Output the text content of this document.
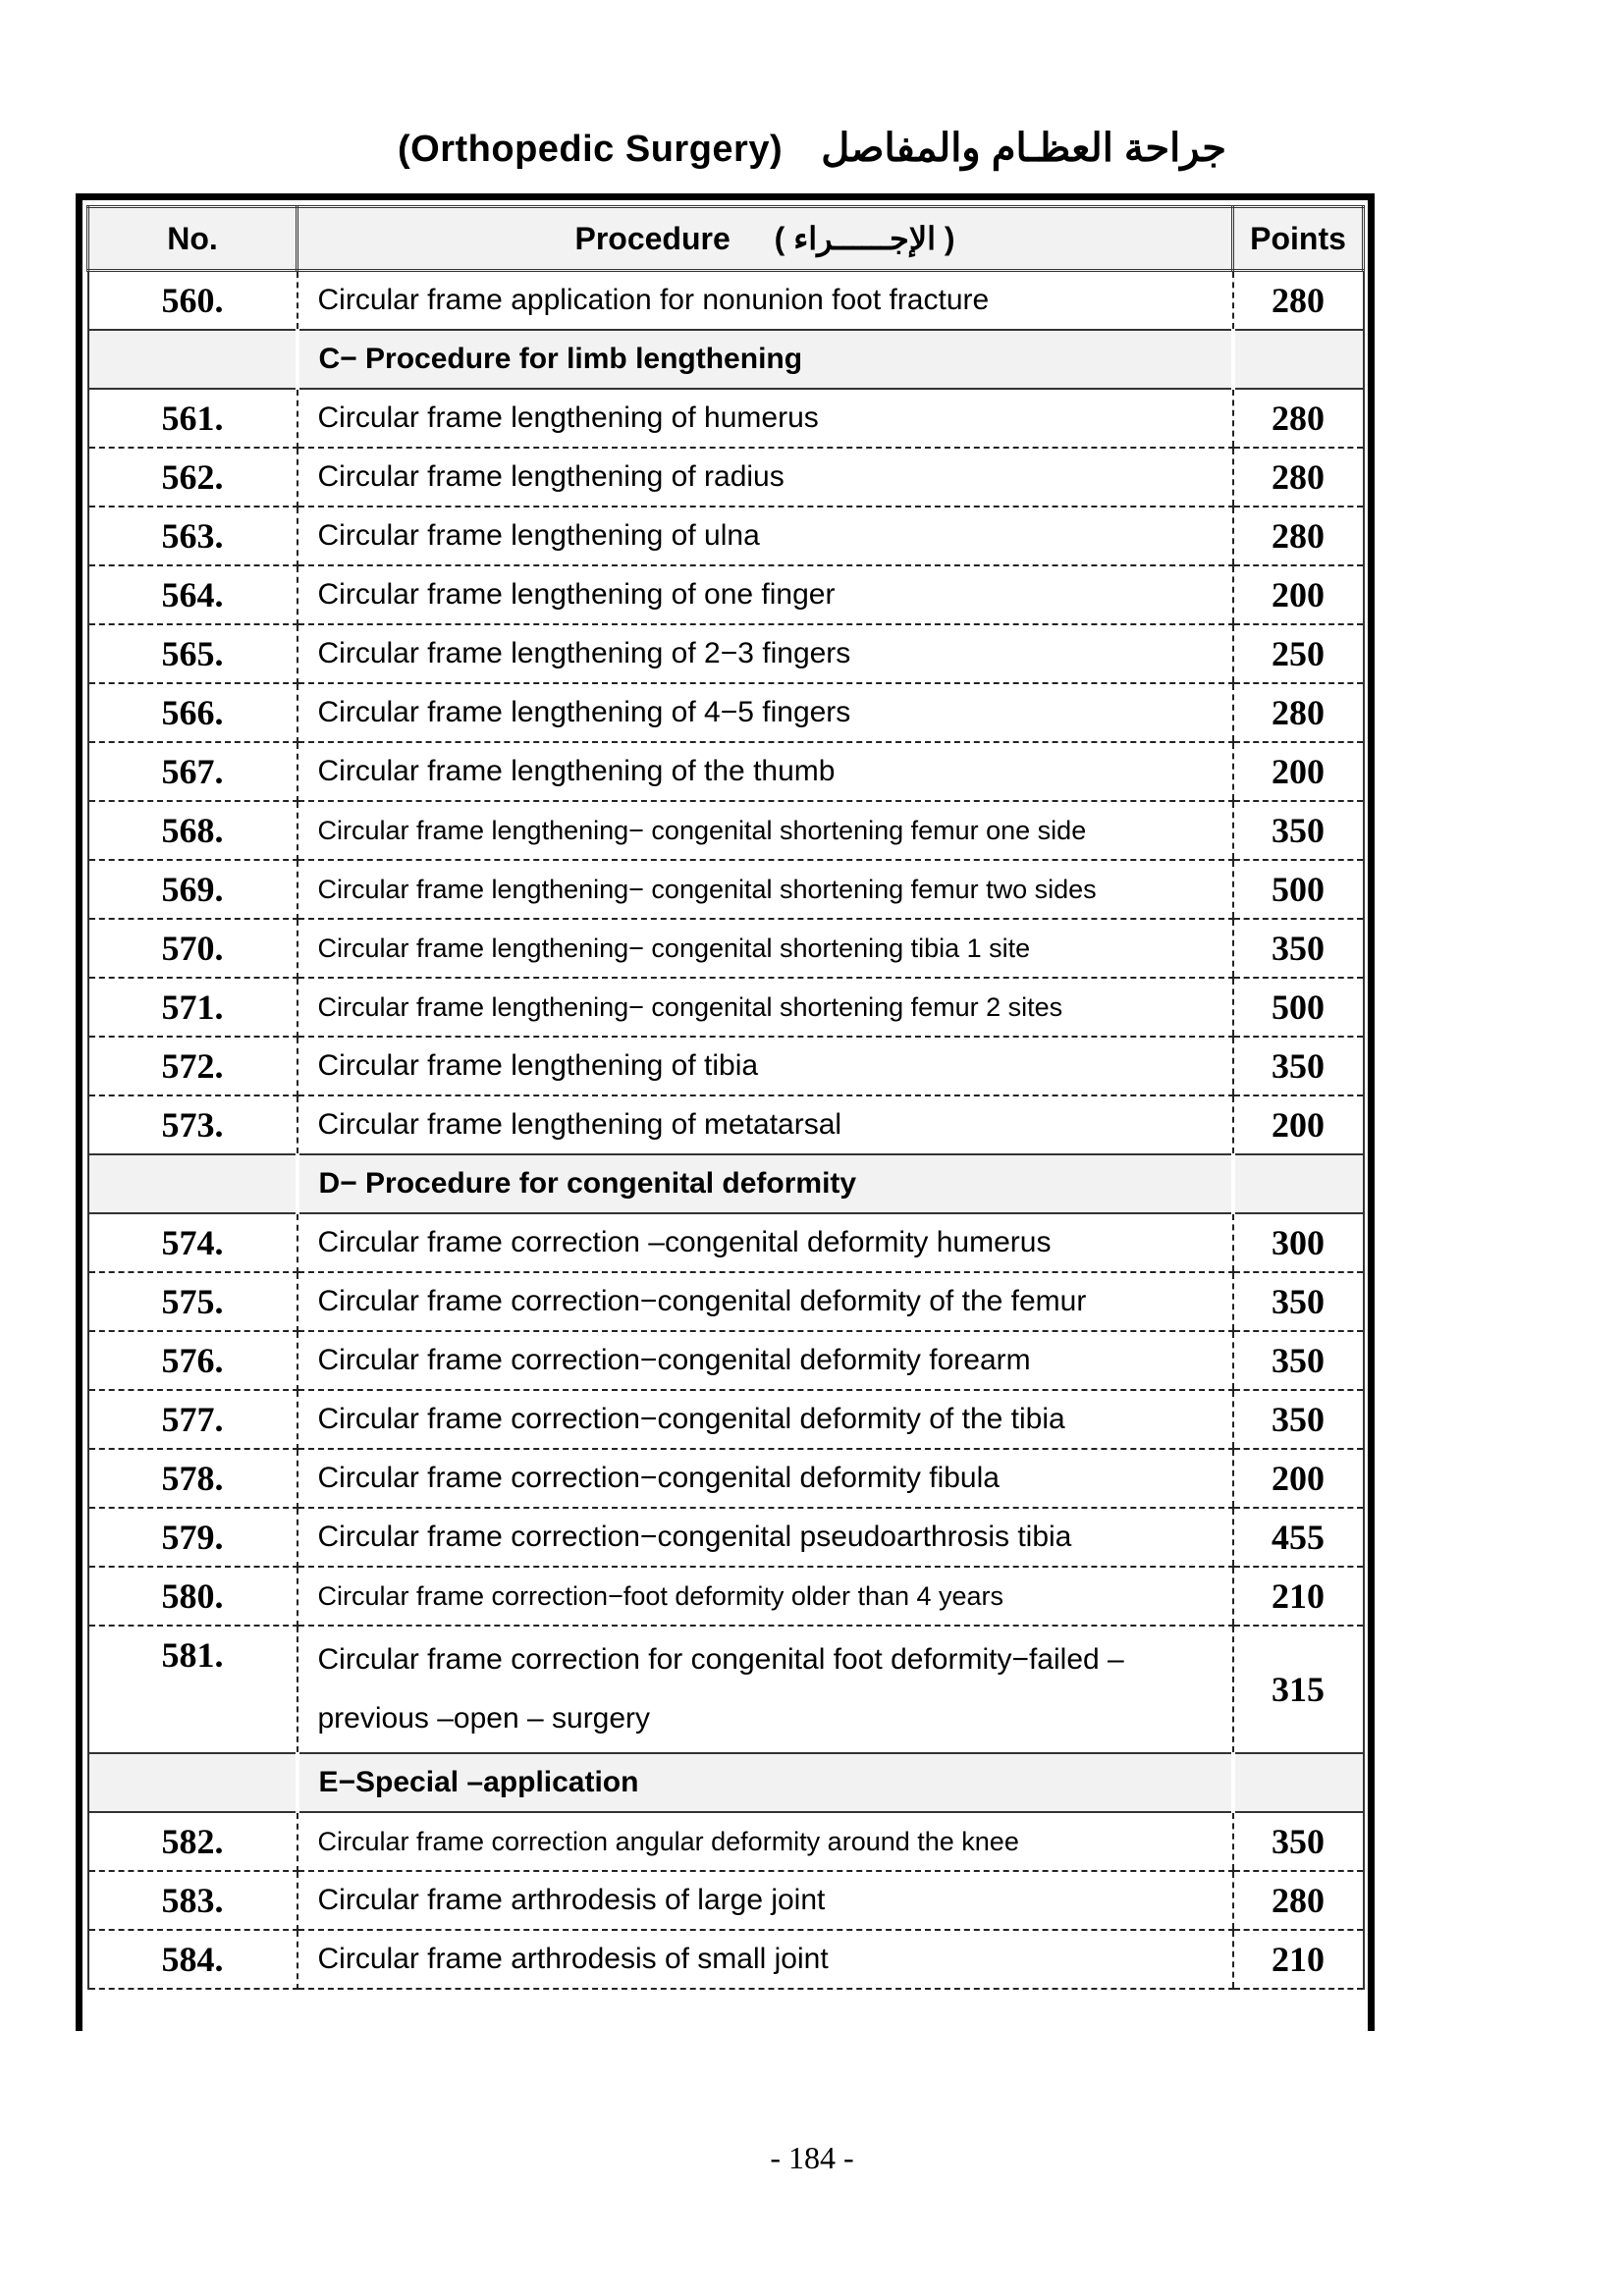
(Orthopedic Surgery) جراحة العظـام والمفاصل
No.	Procedure ( الإجــــــراء )	Points
560.	Circular frame application for nonunion foot fracture	280
	C− Procedure for limb lengthening	
561.	Circular frame lengthening of humerus	280
562.	Circular frame lengthening of radius	280
563.	Circular frame lengthening of ulna	280
564.	Circular frame lengthening of one finger	200
565.	Circular frame lengthening of 2−3 fingers	250
566.	Circular frame lengthening of 4−5 fingers	280
567.	Circular frame lengthening of the thumb	200
568.	Circular frame lengthening− congenital shortening femur one side	350
569.	Circular frame lengthening− congenital shortening femur two sides	500
570.	Circular frame lengthening− congenital shortening tibia 1 site	350
571.	Circular frame lengthening− congenital shortening femur 2 sites	500
572.	Circular frame lengthening of tibia	350
573.	Circular frame lengthening of metatarsal	200
	D− Procedure for congenital deformity	
574.	Circular frame correction –congenital deformity humerus	300
575.	Circular frame correction−congenital deformity of the femur	350
576.	Circular frame correction−congenital deformity forearm	350
577.	Circular frame correction−congenital deformity of the tibia	350
578.	Circular frame correction−congenital deformity fibula	200
579.	Circular frame correction−congenital pseudoarthrosis tibia	455
580.	Circular frame correction−foot deformity older than 4 years	210
581.	Circular frame correction for congenital foot deformity−failed – previous –open – surgery	315
	E−Special –application	
582.	Circular frame correction angular deformity around the knee	350
583.	Circular frame arthrodesis of large joint	280
584.	Circular frame arthrodesis of small joint	210
- 184 -
